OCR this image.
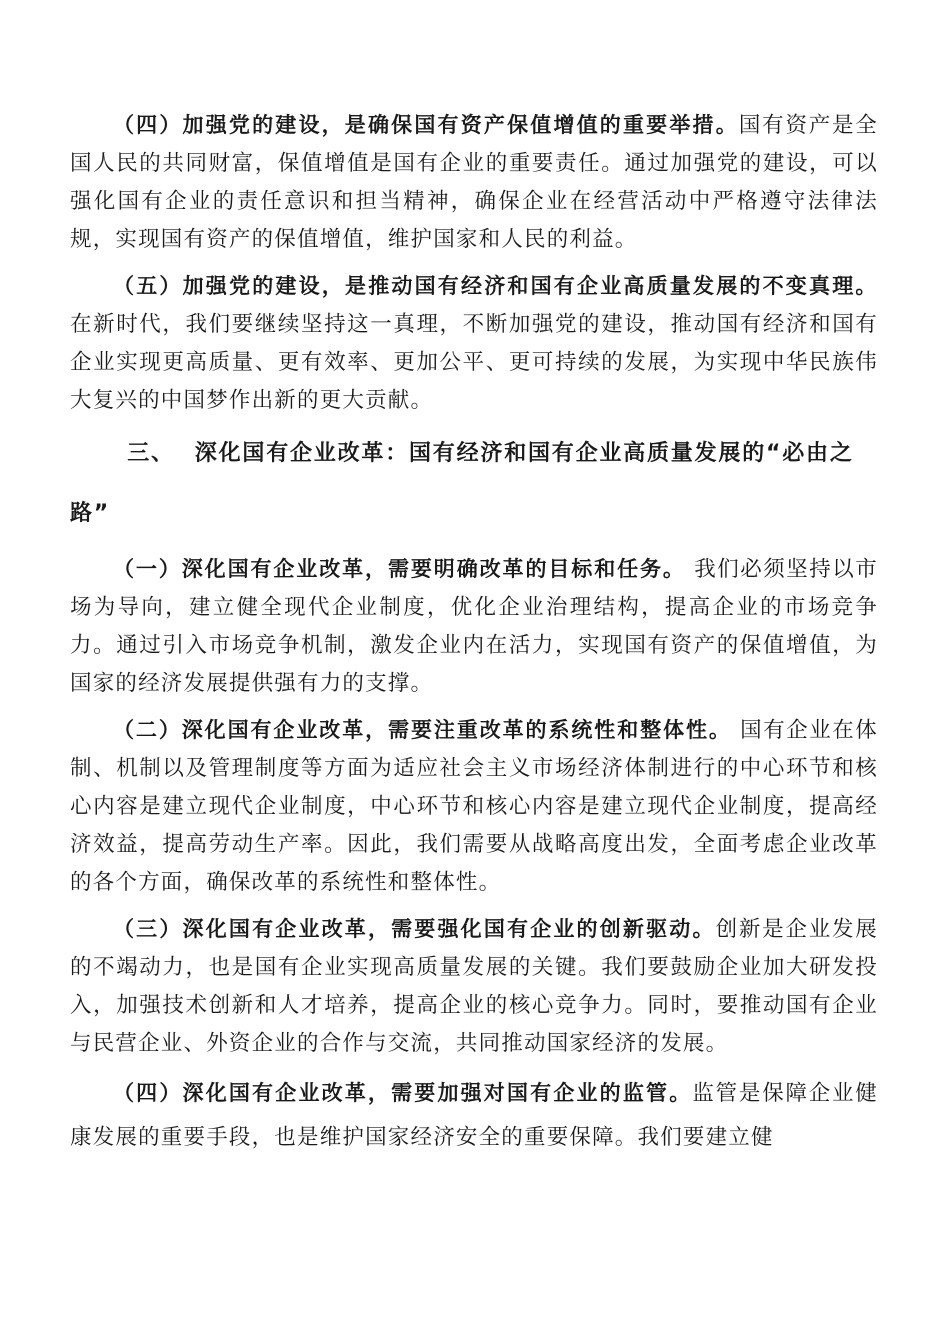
（四）加强党的建设，是确保国有资产保值增值的重要举措。国有资产是全国人民的共同财富，保值增值是国有企业的重要责任。通过加强党的建设，可以强化国有企业的责任意识和担当精神，确保企业在经营活动中严格遵守法律法规，实现国有资产的保值增值，维护国家和人民的利益。

（五）加强党的建设，是推动国有经济和国有企业高质量发展的不变真理。在新时代，我们要继续坚持这一真理，不断加强党的建设，推动国有经济和国有企业实现更高质量、更有效率、更加公平、更可持续的发展，为实现中华民族伟大复兴的中国梦作出新的更大贡献。

三、 深化国有企业改革：国有经济和国有企业高质量发展的“必由之路”

（一）深化国有企业改革，需要明确改革的目标和任务。 我们必须坚持以市场为导向，建立健全现代企业制度，优化企业治理结构，提高企业的市场竞争力。通过引入市场竞争机制，激发企业内在活力，实现国有资产的保值增值，为国家的经济发展提供强有力的支撑。

（二）深化国有企业改革，需要注重改革的系统性和整体性。 国有企业在体制、机制以及管理制度等方面为适应社会主义市场经济体制进行的中心环节和核心内容是建立现代企业制度，中心环节和核心内容是建立现代企业制度，提高经济效益，提高劳动生产率。因此，我们需要从战略高度出发，全面考虑企业改革的各个方面，确保改革的系统性和整体性。

（三）深化国有企业改革，需要强化国有企业的创新驱动。创新是企业发展的不竭动力，也是国有企业实现高质量发展的关键。我们要鼓励企业加大研发投入，加强技术创新和人才培养，提高企业的核心竞争力。同时，要推动国有企业与民营企业、外资企业的合作与交流，共同推动国家经济的发展。

（四）深化国有企业改革，需要加强对国有企业的监管。监管是保障企业健康发展的重要手段，也是维护国家经济安全的重要保障。我们要建立健
